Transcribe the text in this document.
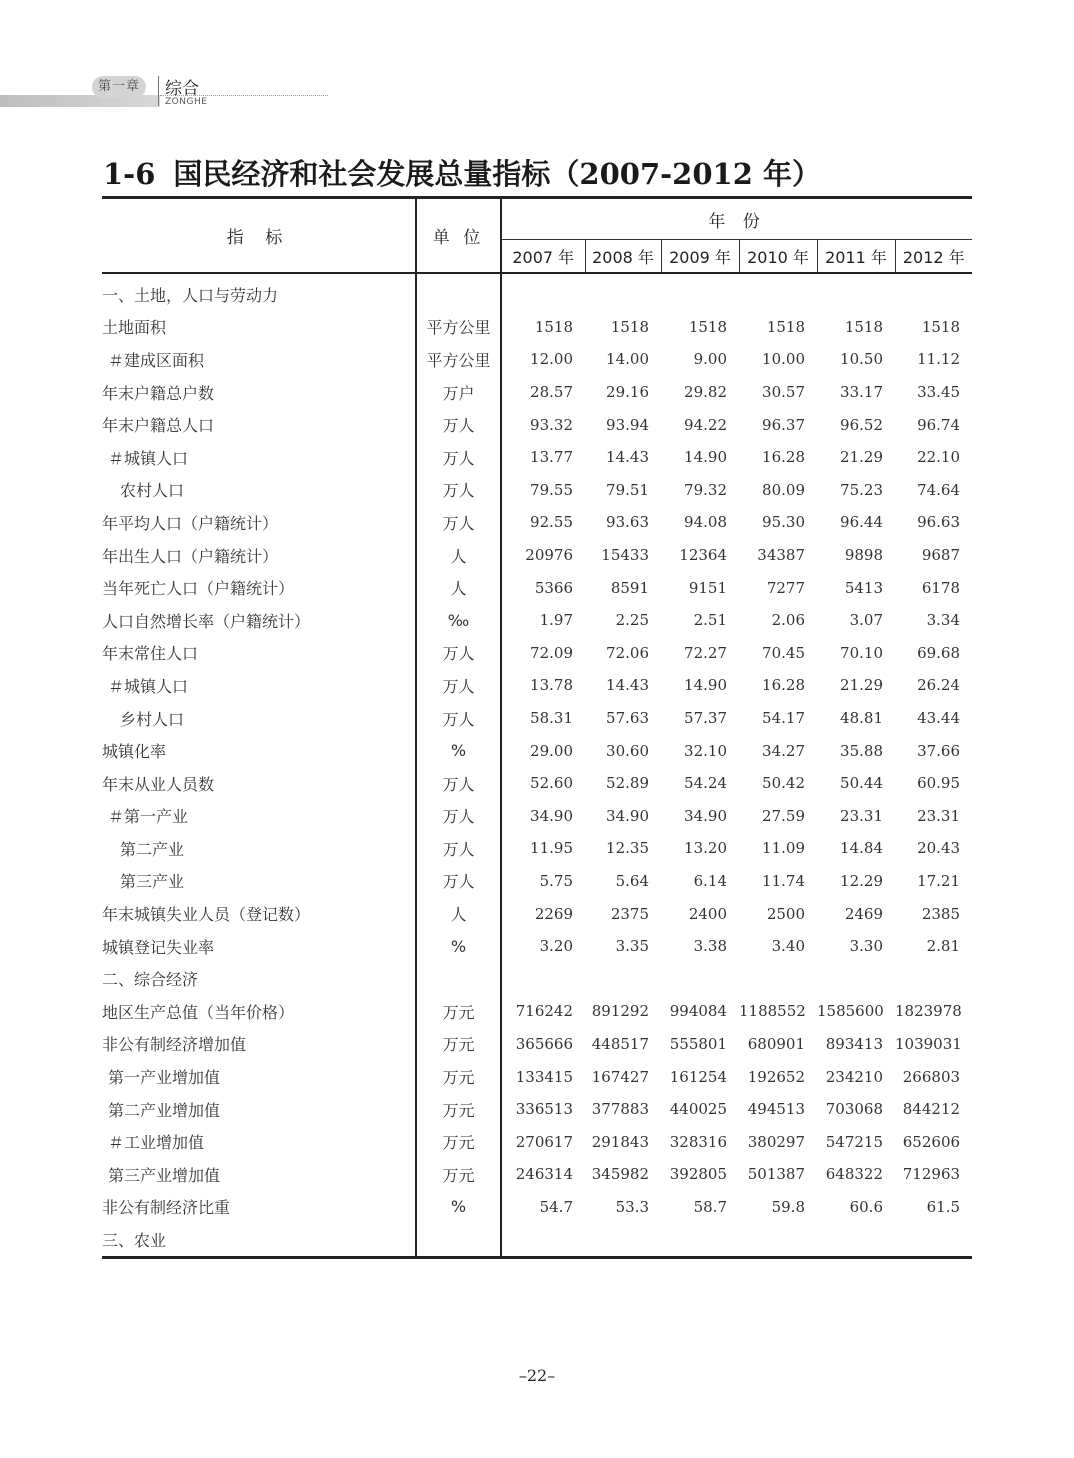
第一章	综合
ZONGHE
1-6 国民经济和社会发展总量指标（2007-2012 年）
指 标	单 位	年 份					
		2007 年	2008 年	2009 年	2010 年	2011 年	2012 年
一、土地，人口与劳动力							
土地面积	平方公里	1518	1518	1518	1518	1518	1518
＃建成区面积	平方公里	12.00	14.00	9.00	10.00	10.50	11.12
年末户籍总户数	万户	28.57	29.16	29.82	30.57	33.17	33.45
年末户籍总人口	万人	93.32	93.94	94.22	96.37	96.52	96.74
＃城镇人口	万人	13.77	14.43	14.90	16.28	21.29	22.10
农村人口	万人	79.55	79.51	79.32	80.09	75.23	74.64
年平均人口（户籍统计）	万人	92.55	93.63	94.08	95.30	96.44	96.63
年出生人口（户籍统计）	人	20976	15433	12364	34387	9898	9687
当年死亡人口（户籍统计）	人	5366	8591	9151	7277	5413	6178
人口自然增长率（户籍统计）	‰	1.97	2.25	2.51	2.06	3.07	3.34
年末常住人口	万人	72.09	72.06	72.27	70.45	70.10	69.68
＃城镇人口	万人	13.78	14.43	14.90	16.28	21.29	26.24
乡村人口	万人	58.31	57.63	57.37	54.17	48.81	43.44
城镇化率	%	29.00	30.60	32.10	34.27	35.88	37.66
年末从业人员数	万人	52.60	52.89	54.24	50.42	50.44	60.95
＃第一产业	万人	34.90	34.90	34.90	27.59	23.31	23.31
第二产业	万人	11.95	12.35	13.20	11.09	14.84	20.43
第三产业	万人	5.75	5.64	6.14	11.74	12.29	17.21
年末城镇失业人员（登记数）	人	2269	2375	2400	2500	2469	2385
城镇登记失业率	%	3.20	3.35	3.38	3.40	3.30	2.81
二、综合经济							
地区生产总值（当年价格）	万元	716242	891292	994084	1188552	1585600	1823978
非公有制经济增加值	万元	365666	448517	555801	680901	893413	1039031
第一产业增加值	万元	133415	167427	161254	192652	234210	266803
第二产业增加值	万元	336513	377883	440025	494513	703068	844212
＃工业增加值	万元	270617	291843	328316	380297	547215	652606
第三产业增加值	万元	246314	345982	392805	501387	648322	712963
非公有制经济比重	%	54.7	53.3	58.7	59.8	60.6	61.5
三、农业							
–22–
